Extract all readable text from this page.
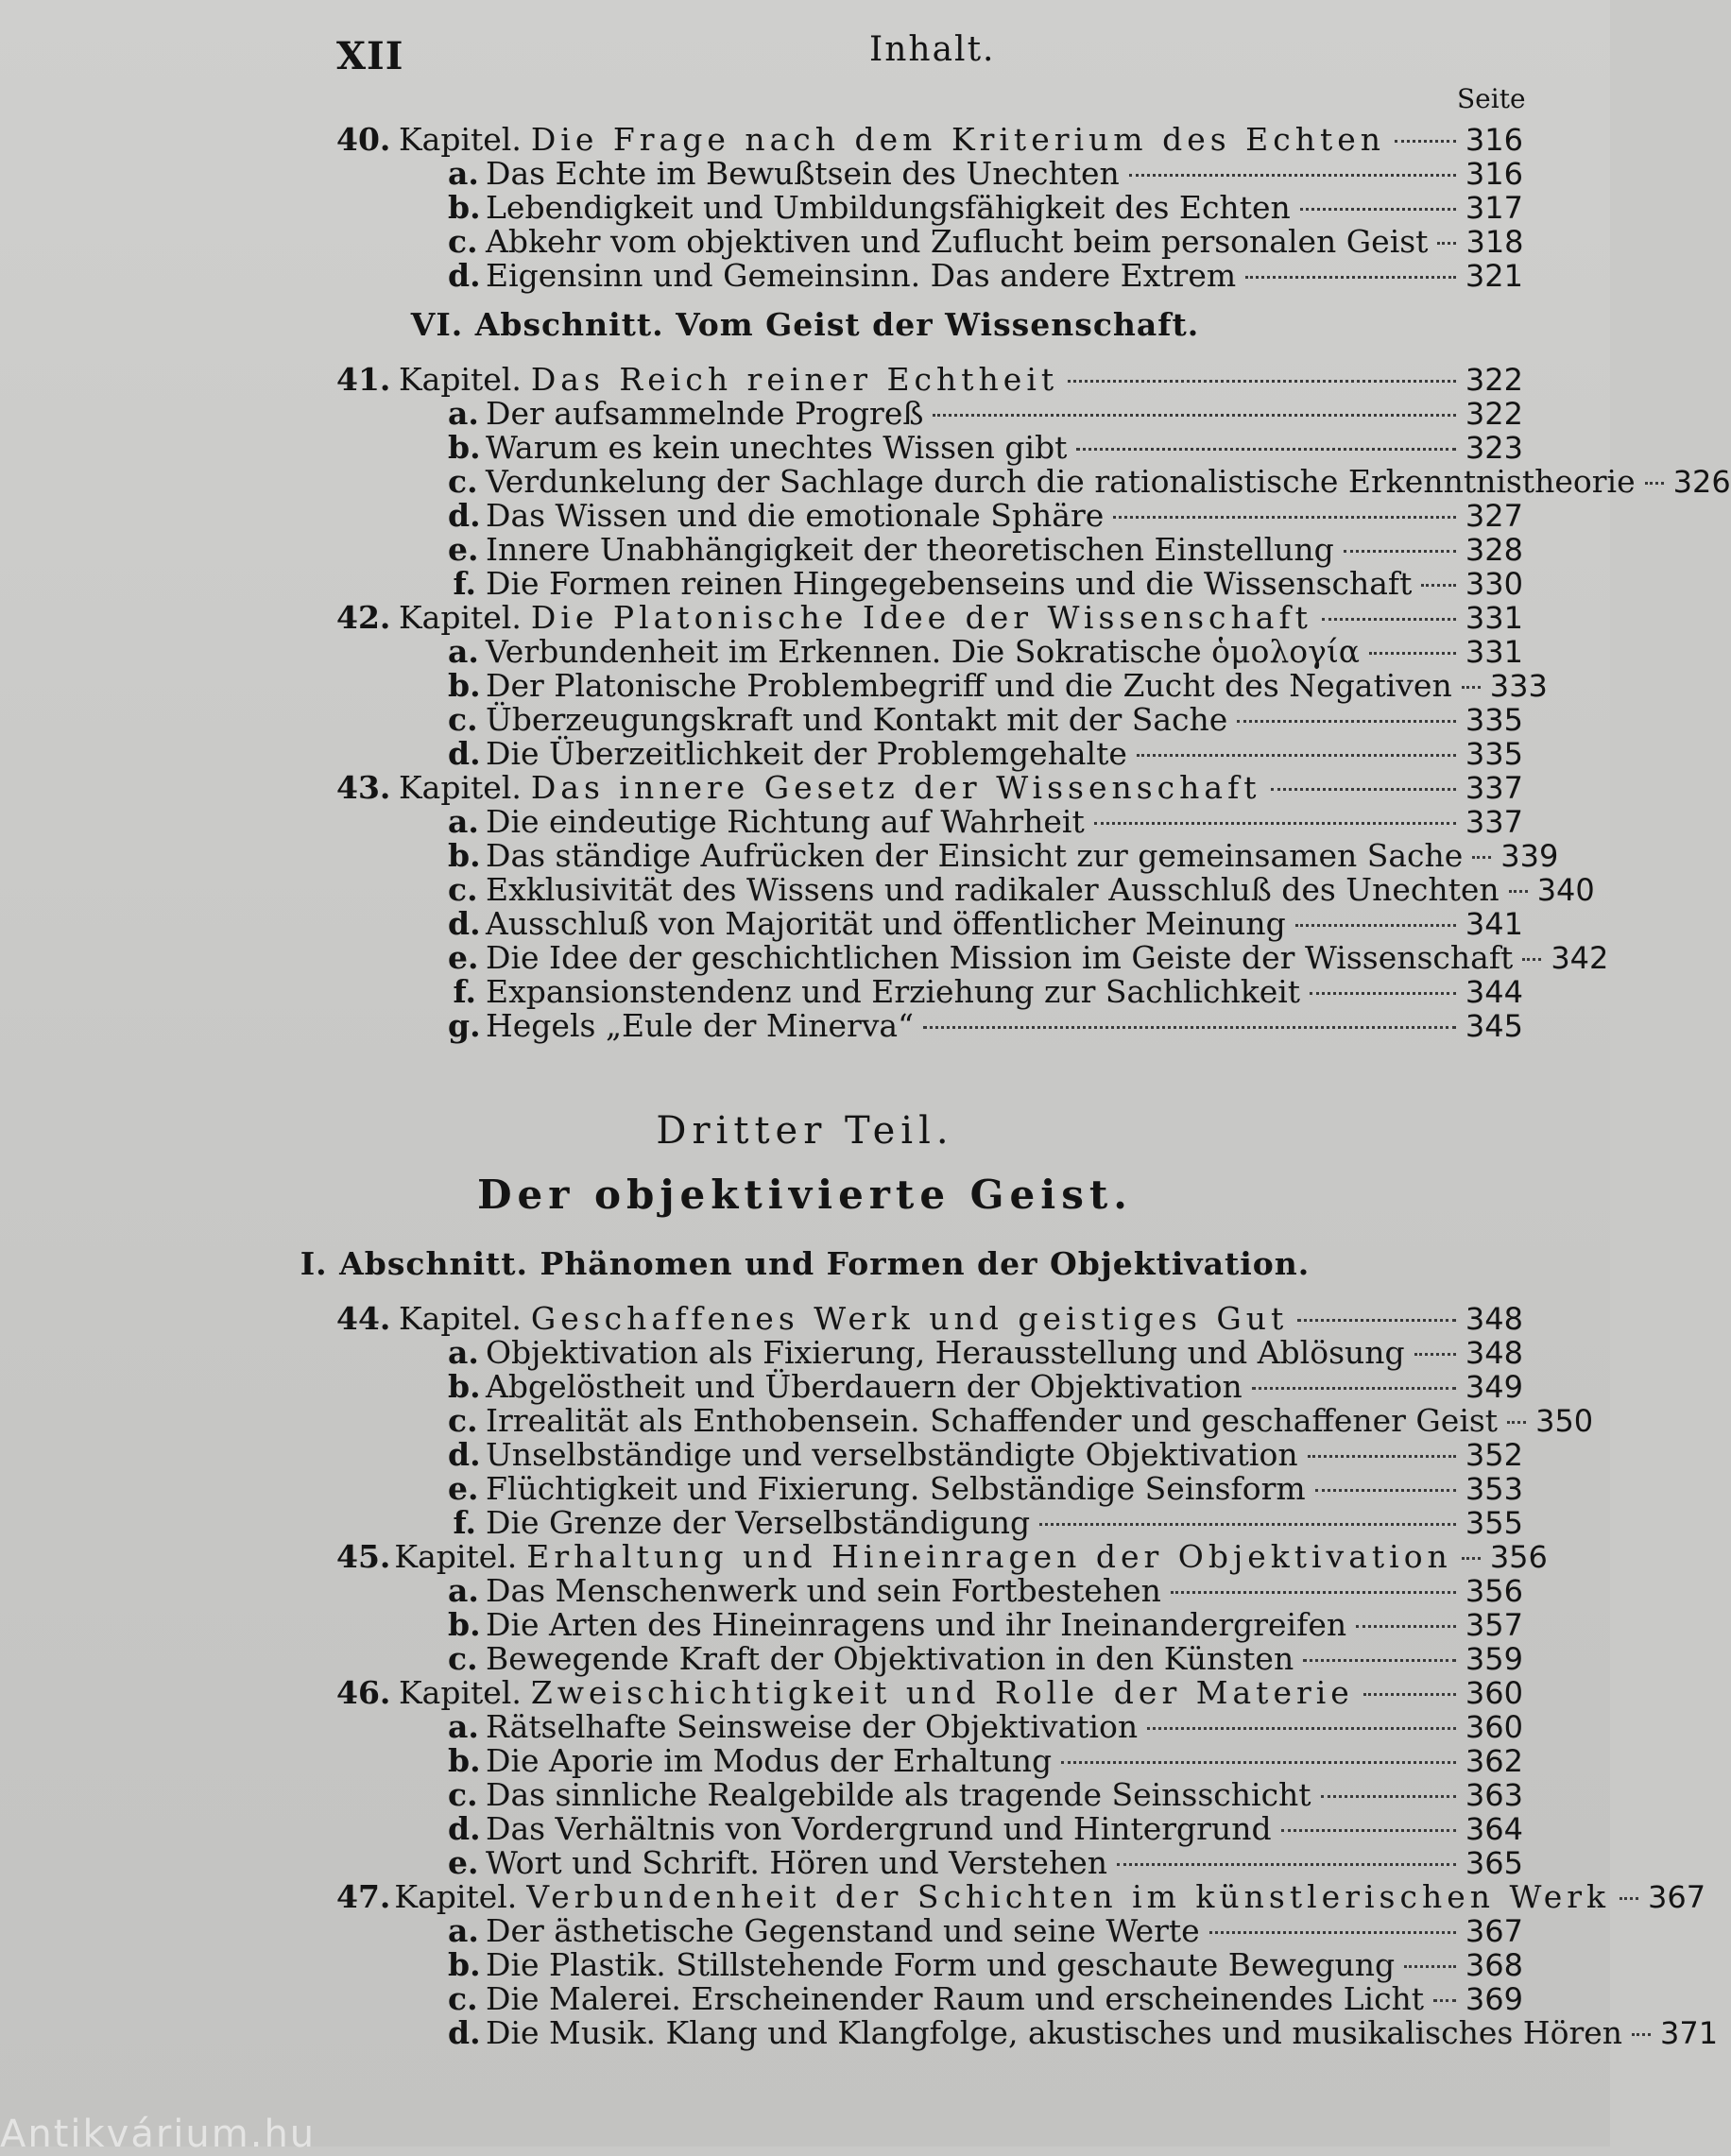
XII	Inhalt.
Seite
40. Kapitel. Die Frage nach dem Kriterium des Echten	316
a. Das Echte im Bewußtsein des Unechten	316
b. Lebendigkeit und Umbildungsfähigkeit des Echten	317
c. Abkehr vom objektiven und Zuflucht beim personalen Geist 318
d. Eigensinn und Gemeinsinn. Das andere Extrem	321
VI. Abschnitt. Vom Geist der Wissenschaft.
41. Kapitel. Das Reich reiner Echtheit	322
a. Der aufsammelnde Progreß	322
b. Warum es kein unechtes Wissen gibt	323
c. Verdunkelung der Sachlage durch die rationalistische Erkenntnistheorie 326
d. Das Wissen und die emotionale Sphäre	327
e. Innere Unabhängigkeit der theoretischen Einstellung	328
f. Die Formen reinen Hingegebenseins und die Wissenschaft 330
42. Kapitel. Die Platonische Idee der Wissenschaft	331
a. Verbundenheit im Erkennen. Die Sokratische ὁμολογία	331
b. Der Platonische Problembegriff und die Zucht des Negativen 333
c. Überzeugungskraft und Kontakt mit der Sache	335
d. Die Überzeitlichkeit der Problemgehalte	335
43. Kapitel. Das innere Gesetz der Wissenschaft	337
a. Die eindeutige Richtung auf Wahrheit	337
b. Das ständige Aufrücken der Einsicht zur gemeinsamen Sache 339
c. Exklusivität des Wissens und radikaler Ausschluß des Unechten 340
d. Ausschluß von Majorität und öffentlicher Meinung	341
e. Die Idee der geschichtlichen Mission im Geiste der Wissenschaft 342
f. Expansionstendenz und Erziehung zur Sachlichkeit	344
g. Hegels „Eule der Minerva“	345
Dritter Teil.
Der objektivierte Geist.
I. Abschnitt. Phänomen und Formen der Objektivation.
44. Kapitel. Geschaffenes Werk und geistiges Gut	348
a. Objektivation als Fixierung, Herausstellung und Ablösung 348
b. Abgelöstheit und Überdauern der Objektivation	349
c. Irrealität als Enthobensein. Schaffender und geschaffener Geist 350
d. Unselbständige und verselbständigte Objektivation	352
e. Flüchtigkeit und Fixierung. Selbständige Seinsform	353
f. Die Grenze der Verselbständigung	355
45. Kapitel. Erhaltung und Hineinragen der Objektivation 356
a. Das Menschenwerk und sein Fortbestehen	356
b. Die Arten des Hineinragens und ihr Ineinandergreifen	357
c. Bewegende Kraft der Objektivation in den Künsten	359
46. Kapitel. Zweischichtigkeit und Rolle der Materie	360
a. Rätselhafte Seinsweise der Objektivation	360
b. Die Aporie im Modus der Erhaltung	362
c. Das sinnliche Realgebilde als tragende Seinsschicht	363
d. Das Verhältnis von Vordergrund und Hintergrund	364
e. Wort und Schrift. Hören und Verstehen	365
47. Kapitel. Verbundenheit der Schichten im künstlerischen Werk 367
a. Der ästhetische Gegenstand und seine Werte	367
b. Die Plastik. Stillstehende Form und geschaute Bewegung 368
c. Die Malerei. Erscheinender Raum und erscheinendes Licht 369
d. Die Musik. Klang und Klangfolge, akustisches und musikalisches Hören 371
Antikvárium.hu
